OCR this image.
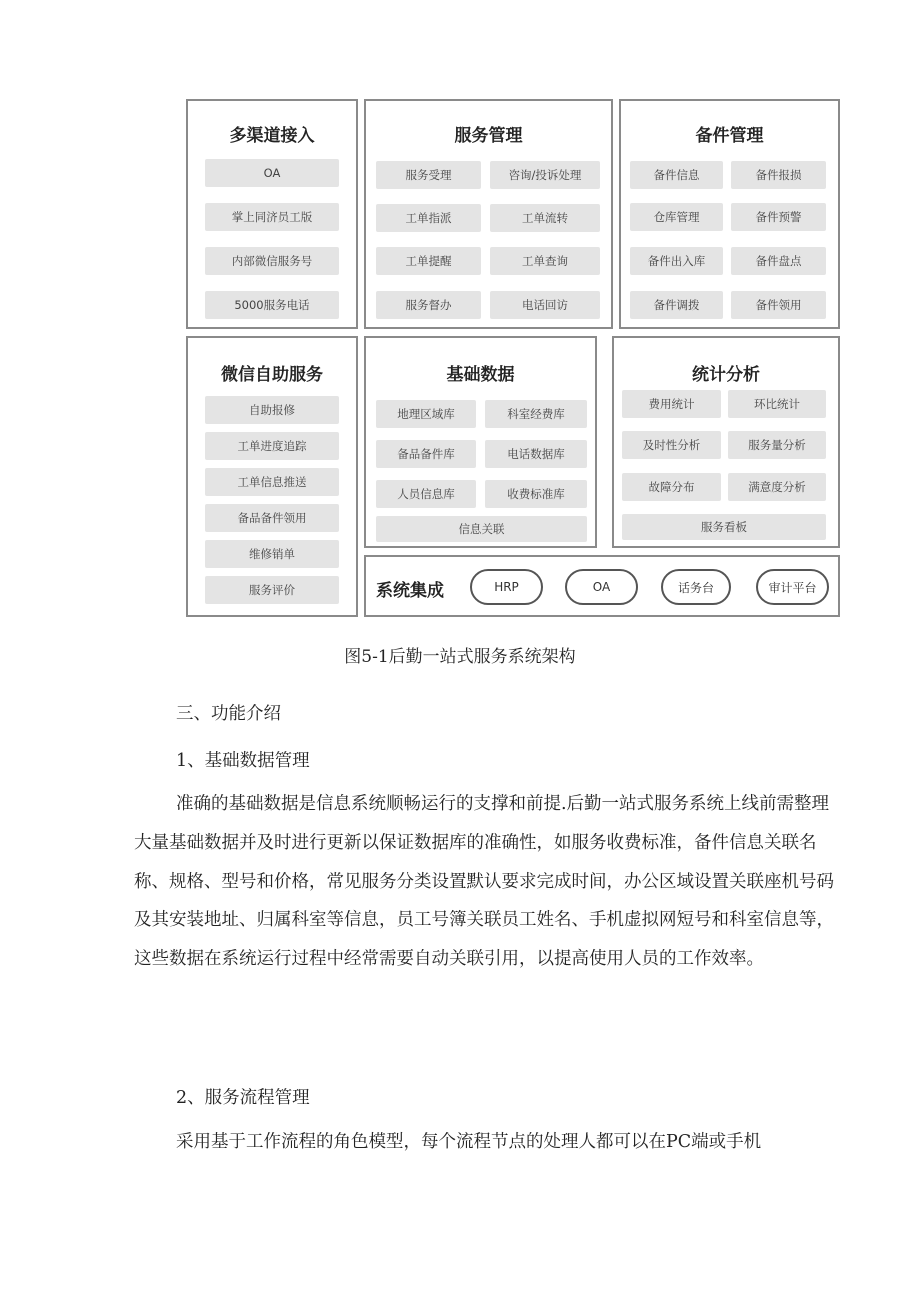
多渠道接入
OA
掌上同济员工版
内部微信服务号
5000服务电话
服务管理
服务受理	咨询/投诉处理
工单指派	工单流转
工单提醒	工单查询
服务督办	电话回访
备件管理
备件信息	备件报损
仓库管理	备件预警
备件出入库	备件盘点
备件调拨	备件领用
微信自助服务
自助报修
工单进度追踪
工单信息推送
备品备件领用
维修销单
服务评价
基础数据
地理区域库	科室经费库
备品备件库	电话数据库
人员信息库	收费标准库
信息关联
统计分析
费用统计	环比统计
及时性分析	服务量分析
故障分布	满意度分析
服务看板
系统集成	HRP	OA	话务台	审计平台
图5-1后勤一站式服务系统架构

三、功能介绍

1、基础数据管理

准确的基础数据是信息系统顺畅运行的支撑和前提.后勤一站式服务系统上线前需整理大量基础数据并及时进行更新以保证数据库的准确性，如服务收费标准，备件信息关联名称、规格、型号和价格，常见服务分类设置默认要求完成时间，办公区域设置关联座机号码及其安装地址、归属科室等信息，员工号簿关联员工姓名、手机虚拟网短号和科室信息等，这些数据在系统运行过程中经常需要自动关联引用，以提高使用人员的工作效率。

2、服务流程管理

采用基于工作流程的角色模型，每个流程节点的处理人都可以在PC端或手机
